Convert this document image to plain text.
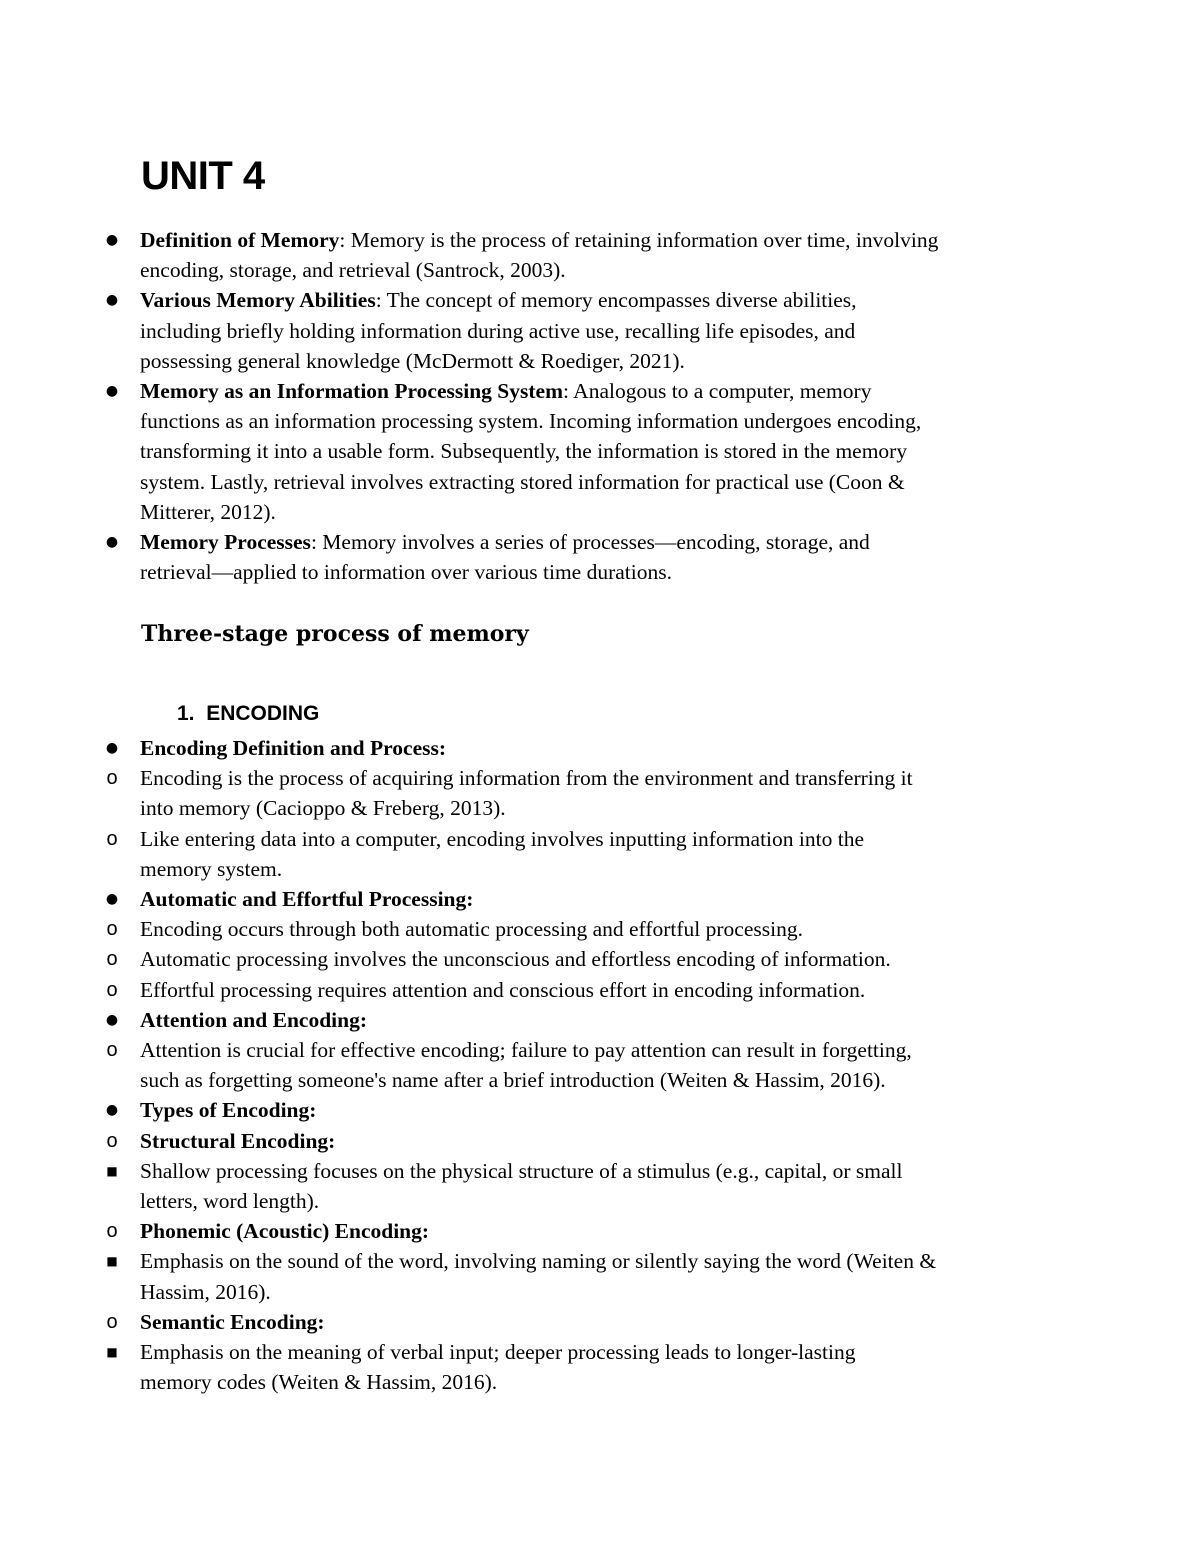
UNIT 4
● Definition of Memory: Memory is the process of retaining information over time, involving
encoding, storage, and retrieval (Santrock, 2003).
● Various Memory Abilities: The concept of memory encompasses diverse abilities,
including briefly holding information during active use, recalling life episodes, and
possessing general knowledge (McDermott & Roediger, 2021).
● Memory as an Information Processing System: Analogous to a computer, memory
functions as an information processing system. Incoming information undergoes encoding,
transforming it into a usable form. Subsequently, the information is stored in the memory
system. Lastly, retrieval involves extracting stored information for practical use (Coon &
Mitterer, 2012).
● Memory Processes: Memory involves a series of processes—encoding, storage, and
retrieval—applied to information over various time durations.
Three-stage process of memory
1. ENCODING
● Encoding Definition and Process:
o Encoding is the process of acquiring information from the environment and transferring it
into memory (Cacioppo & Freberg, 2013).
o Like entering data into a computer, encoding involves inputting information into the
memory system.
● Automatic and Effortful Processing:
o Encoding occurs through both automatic processing and effortful processing.
o Automatic processing involves the unconscious and effortless encoding of information.
o Effortful processing requires attention and conscious effort in encoding information.
● Attention and Encoding:
o Attention is crucial for effective encoding; failure to pay attention can result in forgetting,
such as forgetting someone's name after a brief introduction (Weiten & Hassim, 2016).
● Types of Encoding:
o Structural Encoding:
■ Shallow processing focuses on the physical structure of a stimulus (e.g., capital, or small
letters, word length).
o Phonemic (Acoustic) Encoding:
■ Emphasis on the sound of the word, involving naming or silently saying the word (Weiten &
Hassim, 2016).
o Semantic Encoding:
■ Emphasis on the meaning of verbal input; deeper processing leads to longer-lasting
memory codes (Weiten & Hassim, 2016).
